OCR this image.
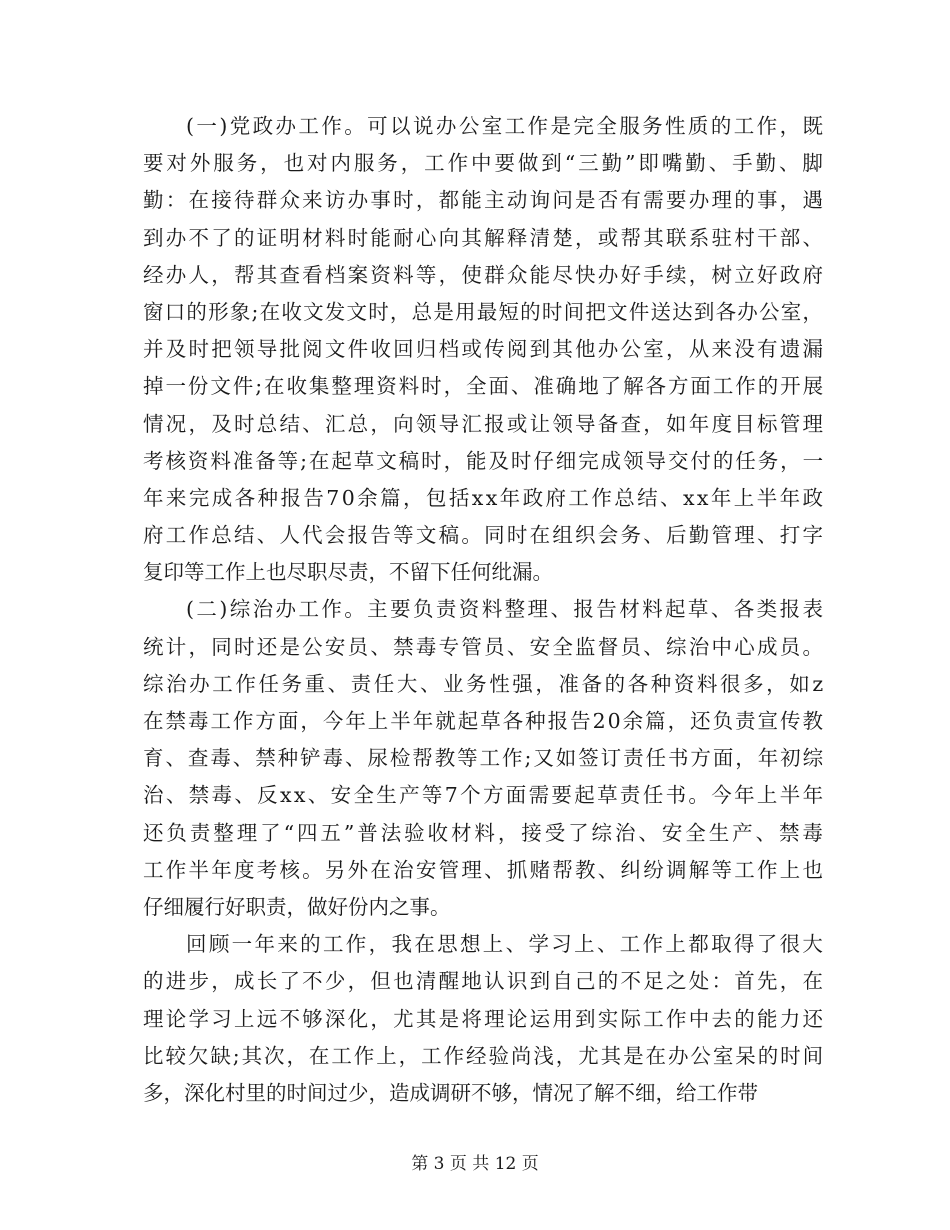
(一)党政办工作。可以说办公室工作是完全服务性质的工作，既
要对外服务，也对内服务，工作中要做到“三勤”即嘴勤、手勤、脚
勤：在接待群众来访办事时，都能主动询问是否有需要办理的事，遇
到办不了的证明材料时能耐心向其解释清楚，或帮其联系驻村干部、
经办人，帮其查看档案资料等，使群众能尽快办好手续，树立好政府
窗口的形象;在收文发文时，总是用最短的时间把文件送达到各办公室，
并及时把领导批阅文件收回归档或传阅到其他办公室，从来没有遗漏
掉一份文件;在收集整理资料时，全面、准确地了解各方面工作的开展
情况，及时总结、汇总，向领导汇报或让领导备查，如年度目标管理
考核资料准备等;在起草文稿时，能及时仔细完成领导交付的任务，一
年来完成各种报告70余篇，包括xx年政府工作总结、xx年上半年政
府工作总结、人代会报告等文稿。同时在组织会务、后勤管理、打字
复印等工作上也尽职尽责，不留下任何纰漏。
(二)综治办工作。主要负责资料整理、报告材料起草、各类报表
统计，同时还是公安员、禁毒专管员、安全监督员、综治中心成员。
综治办工作任务重、责任大、业务性强，准备的各种资料很多，如z
在禁毒工作方面，今年上半年就起草各种报告20余篇，还负责宣传教
育、查毒、禁种铲毒、尿检帮教等工作;又如签订责任书方面，年初综
治、禁毒、反xx、安全生产等7个方面需要起草责任书。今年上半年
还负责整理了“四五”普法验收材料，接受了综治、安全生产、禁毒
工作半年度考核。另外在治安管理、抓赌帮教、纠纷调解等工作上也
仔细履行好职责，做好份内之事。
回顾一年来的工作，我在思想上、学习上、工作上都取得了很大
的进步，成长了不少，但也清醒地认识到自己的不足之处：首先，在
理论学习上远不够深化，尤其是将理论运用到实际工作中去的能力还
比较欠缺;其次，在工作上，工作经验尚浅，尤其是在办公室呆的时间
多，深化村里的时间过少，造成调研不够，情况了解不细，给工作带
第 3 页 共 12 页
